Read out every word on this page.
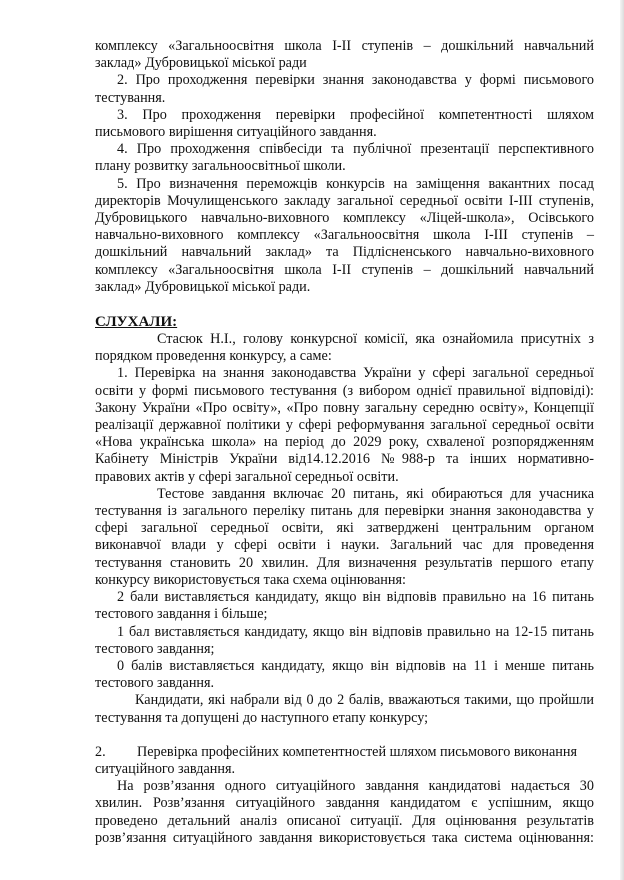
комплексу «Загальноосвітня школа І-ІІ ступенів – дошкільний навчальний
заклад» Дубровицької міської ради
2. Про проходження перевірки знання законодавства у формі письмового
тестування.
3. Про проходження перевірки професійної компетентності шляхом
письмового вирішення ситуаційного завдання.
4. Про проходження співбесіди та публічної презентації перспективного
плану розвитку загальноосвітньої школи.
5. Про визначення переможців конкурсів на заміщення вакантних посад
директорів Мочулищенського закладу загальної середньої освіти І-ІІІ ступенів,
Дубровицького навчально-виховного комплексу «Ліцей-школа», Осівського
навчально-виховного комплексу «Загальноосвітня школа І-ІІІ ступенів –
дошкільний навчальний заклад» та Підлісненського навчально-виховного
комплексу «Загальноосвітня школа І-ІІ ступенів – дошкільний навчальний
заклад» Дубровицької міської ради.
СЛУХАЛИ:
Стасюк Н.І., голову конкурсної комісії, яка ознайомила присутніх з
порядком проведення конкурсу, а саме:
1. Перевірка на знання законодавства України у сфері загальної середньої
освіти у формі письмового тестування (з вибором однієї правильної відповіді):
Закону України «Про освіту», «Про повну загальну середню освіту», Концепції
реалізації державної політики у сфері реформування загальної середньої освіти
«Нова українська школа» на період до 2029 року, схваленої розпорядженням
Кабінету Міністрів України від14.12.2016 №988-р та інших нормативно-
правових актів у сфері загальної середньої освіти.
Тестове завдання включає 20 питань, які обираються для учасника
тестування із загального переліку питань для перевірки знання законодавства у
сфері загальної середньої освіти, які затверджені центральним органом
виконавчої влади у сфері освіти і науки. Загальний час для проведення
тестування становить 20 хвилин. Для визначення результатів першого етапу
конкурсу використовується така схема оцінювання:
2 бали виставляється кандидату, якщо він відповів правильно на 16 питань
тестового завдання і більше;
1 бал виставляється кандидату, якщо він відповів правильно на 12-15 питань
тестового завдання;
0 балів виставляється кандидату, якщо він відповів на 11 і менше питань
тестового завдання.
Кандидати, які набрали від 0 до 2 балів, вважаються такими, що пройшли
тестування та допущені до наступного етапу конкурсу;
2. Перевірка професійних компетентностей шляхом письмового виконання
ситуаційного завдання.
На розв’язання одного ситуаційного завдання кандидатові надається 30
хвилин. Розв’язання ситуаційного завдання кандидатом є успішним, якщо
проведено детальний аналіз описаної ситуації. Для оцінювання результатів
розв’язання ситуаційного завдання використовується така система оцінювання:
